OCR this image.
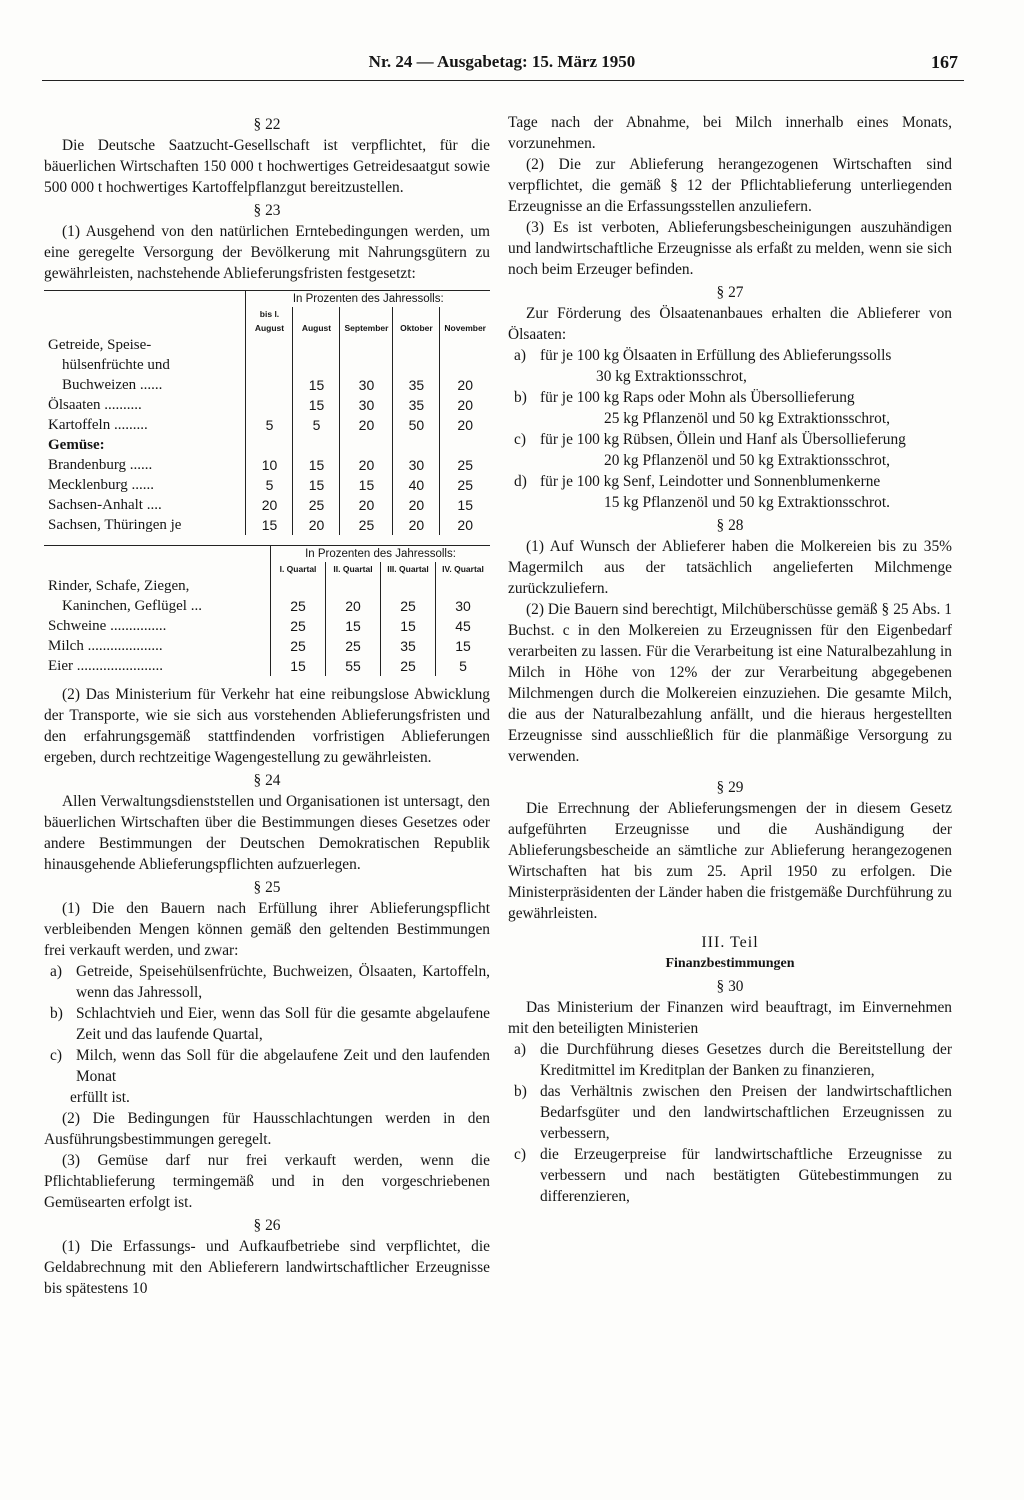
Nr. 24 — Ausgabetag: 15. März 1950	167
§ 22

Die Deutsche Saatzucht-Gesellschaft ist verpflichtet, für die bäuerlichen Wirtschaften 150 000 t hochwertiges Getreidesaatgut sowie 500 000 t hochwertiges Kartoffelpflanzgut bereitzustellen.

§ 23

(1) Ausgehend von den natürlichen Erntebedingungen werden, um eine geregelte Versorgung der Bevölkerung mit Nahrungsgütern zu gewährleisten, nachstehende Ablieferungsfristen festgesetzt:

	In Prozenten des Jahressolls:				
	bis l. August	August	September	Oktober	November
Getreide, Speise-					
hülsenfrüchte und					
Buchweizen ......		15	30	35	20
Ölsaaten ..........		15	30	35	20
Kartoffeln .........	5	5	20	50	20
Gemüse:					
Brandenburg ......	10	15	20	30	25
Mecklenburg ......	5	15	15	40	25
Sachsen-Anhalt ....	20	25	20	20	15
Sachsen, Thüringen je	15	20	25	20	20
	In Prozenten des Jahressolls:			
	I. Quartal	II. Quartal	III. Quartal	IV. Quartal
Rinder, Schafe, Ziegen,				
Kaninchen, Geflügel ...	25	20	25	30
Schweine ...............	25	15	15	45
Milch ....................	25	25	35	15
Eier .......................	15	55	25	5

(2) Das Ministerium für Verkehr hat eine reibungslose Abwicklung der Transporte, wie sie sich aus vorstehenden Ablieferungsfristen und den erfahrungsgemäß stattfindenden vorfristigen Ablieferungen ergeben, durch rechtzeitige Wagengestellung zu gewährleisten.

§ 24

Allen Verwaltungsdienststellen und Organisationen ist untersagt, den bäuerlichen Wirtschaften über die Bestimmungen dieses Gesetzes oder andere Bestimmungen der Deutschen Demokratischen Republik hinausgehende Ablieferungspflichten aufzuerlegen.

§ 25

(1) Die den Bauern nach Erfüllung ihrer Ablieferungspflicht verbleibenden Mengen können gemäß den geltenden Bestimmungen frei verkauft werden, und zwar:

a) Getreide, Speisehülsenfrüchte, Buchweizen, Ölsaaten, Kartoffeln, wenn das Jahressoll,
b) Schlachtvieh und Eier, wenn das Soll für die gesamte abgelaufene Zeit und das laufende Quartal,
c) Milch, wenn das Soll für die abgelaufene Zeit und den laufenden Monat

erfüllt ist.

(2) Die Bedingungen für Hausschlachtungen werden in den Ausführungsbestimmungen geregelt.

(3) Gemüse darf nur frei verkauft werden, wenn die Pflichtablieferung termingemäß und in den vorgeschriebenen Gemüsearten erfolgt ist.

§ 26

(1) Die Erfassungs- und Aufkaufbetriebe sind verpflichtet, die Geldabrechnung mit den Ablieferern landwirtschaftlicher Erzeugnisse bis spätestens 10

Tage nach der Abnahme, bei Milch innerhalb eines Monats, vorzunehmen.

(2) Die zur Ablieferung herangezogenen Wirtschaften sind verpflichtet, die gemäß § 12 der Pflichtablieferung unterliegenden Erzeugnisse an die Erfassungsstellen anzuliefern.

(3) Es ist verboten, Ablieferungsbescheinigungen auszuhändigen und landwirtschaftliche Erzeugnisse als erfaßt zu melden, wenn sie sich noch beim Erzeuger befinden.

§ 27

Zur Förderung des Ölsaatenanbaues erhalten die Ablieferer von Ölsaaten:

a) für je 100 kg Ölsaaten in Erfüllung des Ablieferungssolls
30 kg Extraktionsschrot,
b) für je 100 kg Raps oder Mohn als Übersollieferung
25 kg Pflanzenöl und 50 kg Extraktionsschrot,
c) für je 100 kg Rübsen, Öllein und Hanf als Übersollieferung
20 kg Pflanzenöl und 50 kg Extraktionsschrot,
d) für je 100 kg Senf, Leindotter und Sonnenblumenkerne
15 kg Pflanzenöl und 50 kg Extraktionsschrot.
§ 28

(1) Auf Wunsch der Ablieferer haben die Molkereien bis zu 35% Magermilch aus der tatsächlich angelieferten Milchmenge zurückzuliefern.

(2) Die Bauern sind berechtigt, Milchüberschüsse gemäß § 25 Abs. 1 Buchst. c in den Molkereien zu Erzeugnissen für den Eigenbedarf verarbeiten zu lassen. Für die Verarbeitung ist eine Naturalbezahlung in Milch in Höhe von 12% der zur Verarbeitung abgegebenen Milchmengen durch die Molkereien einzuziehen. Die gesamte Milch, die aus der Naturalbezahlung anfällt, und die hieraus hergestellten Erzeugnisse sind ausschließlich für die planmäßige Versorgung zu verwenden.

§ 29

Die Errechnung der Ablieferungsmengen der in diesem Gesetz aufgeführten Erzeugnisse und die Aushändigung der Ablieferungsbescheide an sämtliche zur Ablieferung herangezogenen Wirtschaften hat bis zum 25. April 1950 zu erfolgen. Die Ministerpräsidenten der Länder haben die fristgemäße Durchführung zu gewährleisten.

III. Teil
Finanzbestimmungen
§ 30

Das Ministerium der Finanzen wird beauftragt, im Einvernehmen mit den beteiligten Ministerien

a) die Durchführung dieses Gesetzes durch die Bereitstellung der Kreditmittel im Kreditplan der Banken zu finanzieren,
b) das Verhältnis zwischen den Preisen der landwirtschaftlichen Bedarfsgüter und den landwirtschaftlichen Erzeugnissen zu verbessern,
c) die Erzeugerpreise für landwirtschaftliche Erzeugnisse zu verbessern und nach bestätigten Gütebestimmungen zu differenzieren,
